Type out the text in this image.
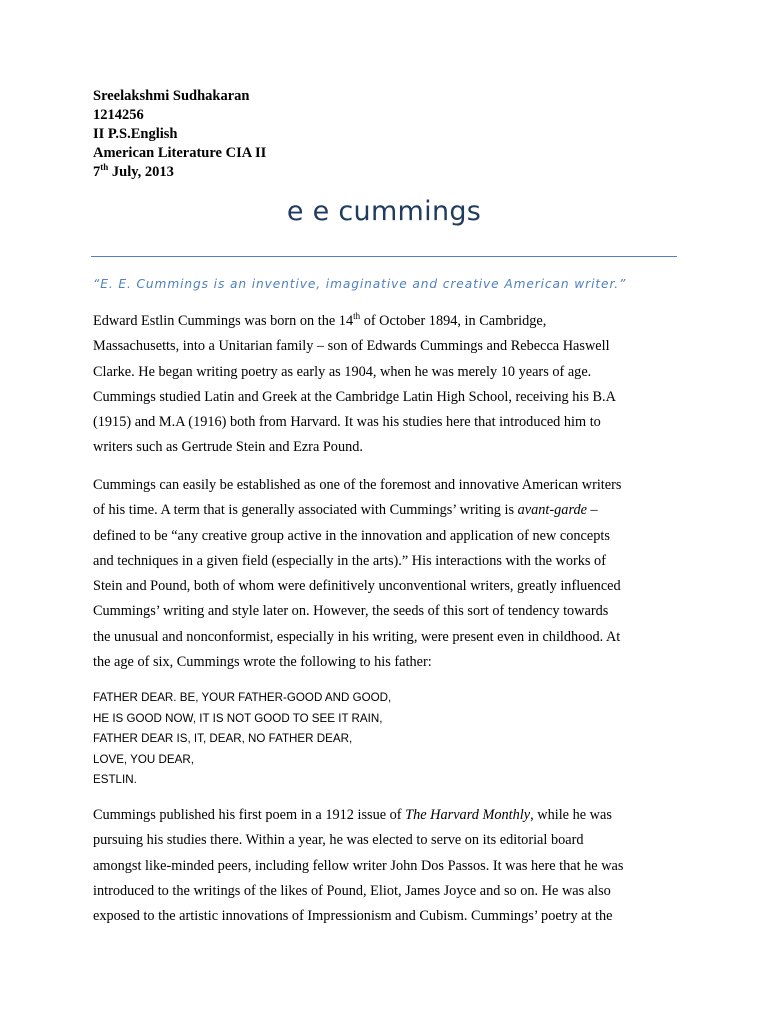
Sreelakshmi Sudhakaran
1214256
II P.S.English
American Literature CIA II
7th July, 2013
e e cummings
“E. E. Cummings is an inventive, imaginative and creative American writer.”
Edward Estlin Cummings was born on the 14th of October 1894, in Cambridge,
Massachusetts, into a Unitarian family – son of Edwards Cummings and Rebecca Haswell
Clarke. He began writing poetry as early as 1904, when he was merely 10 years of age.
Cummings studied Latin and Greek at the Cambridge Latin High School, receiving his B.A
(1915) and M.A (1916) both from Harvard. It was his studies here that introduced him to
writers such as Gertrude Stein and Ezra Pound.
Cummings can easily be established as one of the foremost and innovative American writers
of his time. A term that is generally associated with Cummings’ writing is avant-garde –
defined to be “any creative group active in the innovation and application of new concepts
and techniques in a given field (especially in the arts).” His interactions with the works of
Stein and Pound, both of whom were definitively unconventional writers, greatly influenced
Cummings’ writing and style later on. However, the seeds of this sort of tendency towards
the unusual and nonconformist, especially in his writing, were present even in childhood. At
the age of six, Cummings wrote the following to his father:
FATHER DEAR. BE, YOUR FATHER-GOOD AND GOOD,
HE IS GOOD NOW, IT IS NOT GOOD TO SEE IT RAIN,
FATHER DEAR IS, IT, DEAR, NO FATHER DEAR,
LOVE, YOU DEAR,
ESTLIN.
Cummings published his first poem in a 1912 issue of The Harvard Monthly, while he was
pursuing his studies there. Within a year, he was elected to serve on its editorial board
amongst like-minded peers, including fellow writer John Dos Passos. It was here that he was
introduced to the writings of the likes of Pound, Eliot, James Joyce and so on. He was also
exposed to the artistic innovations of Impressionism and Cubism. Cummings’ poetry at the
